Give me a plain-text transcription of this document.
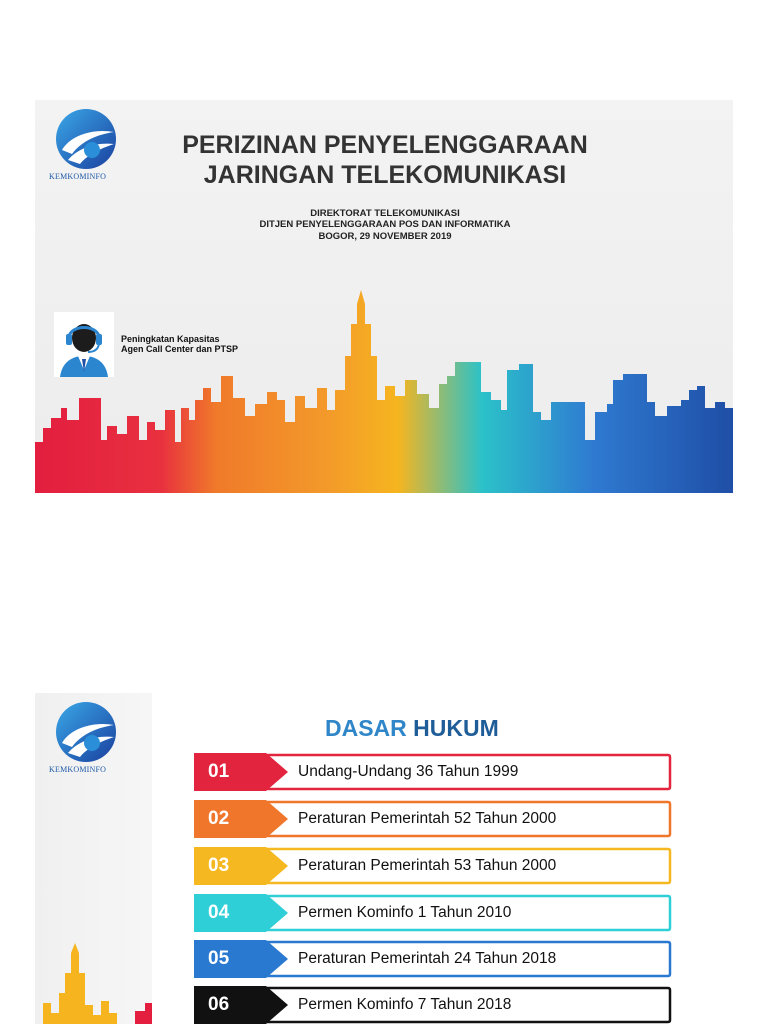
KEMKOMINFO
PERIZINAN PENYELENGGARAAN
JARINGAN TELEKOMUNIKASI
DIREKTORAT TELEKOMUNIKASI
DITJEN PENYELENGGARAAN POS DAN INFORMATIKA
BOGOR, 29 NOVEMBER 2019
Peningkatan Kapasitas
Agen Call Center dan PTSP
KEMKOMINFO
DASAR HUKUM
01	Undang-Undang 36 Tahun 1999
02	Peraturan Pemerintah 52 Tahun 2000
03	Peraturan Pemerintah 53 Tahun 2000
04	Permen Kominfo 1 Tahun 2010
05	Peraturan Pemerintah 24 Tahun 2018
06	Permen Kominfo 7 Tahun 2018
